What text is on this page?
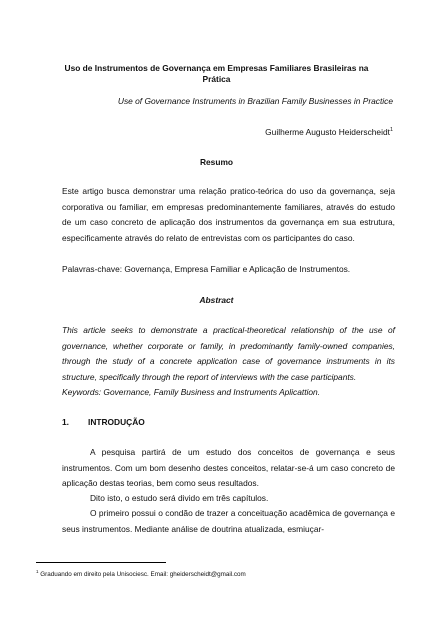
Uso de Instrumentos de Governança em Empresas Familiares Brasileiras na Prática
Use of Governance Instruments in Brazilian Family Businesses in Practice
Guilherme Augusto Heiderscheidt$^1$
Resumo
Este artigo busca demonstrar uma relação pratico-teórica do uso da governança, seja corporativa ou familiar, em empresas predominantemente familiares, através do estudo de um caso concreto de aplicação dos instrumentos da governança em sua estrutura, especificamente através do relato de entrevistas com os participantes do caso.
Palavras-chave: Governança, Empresa Familiar e Aplicação de Instrumentos.
Abstract
This article seeks to demonstrate a practical-theoretical relationship of the use of governance, whether corporate or family, in predominantly family-owned companies, through the study of a concrete application case of governance instruments in its structure, specifically through the report of interviews with the case participants.
Keywords: Governance, Family Business and Instruments Aplicattion.
1. INTRODUÇÃO
A pesquisa partirá de um estudo dos conceitos de governança e seus instrumentos. Com um bom desenho destes conceitos, relatar-se-á um caso concreto de aplicação destas teorias, bem como seus resultados.
Dito isto, o estudo será divido em três capítulos.
O primeiro possui o condão de trazer a conceituação acadêmica de governança e seus instrumentos. Mediante análise de doutrina atualizada, esmiuçar-
$^1$ Graduando em direito pela Unisociesc. Email: gheiderscheidt@gmail.com
